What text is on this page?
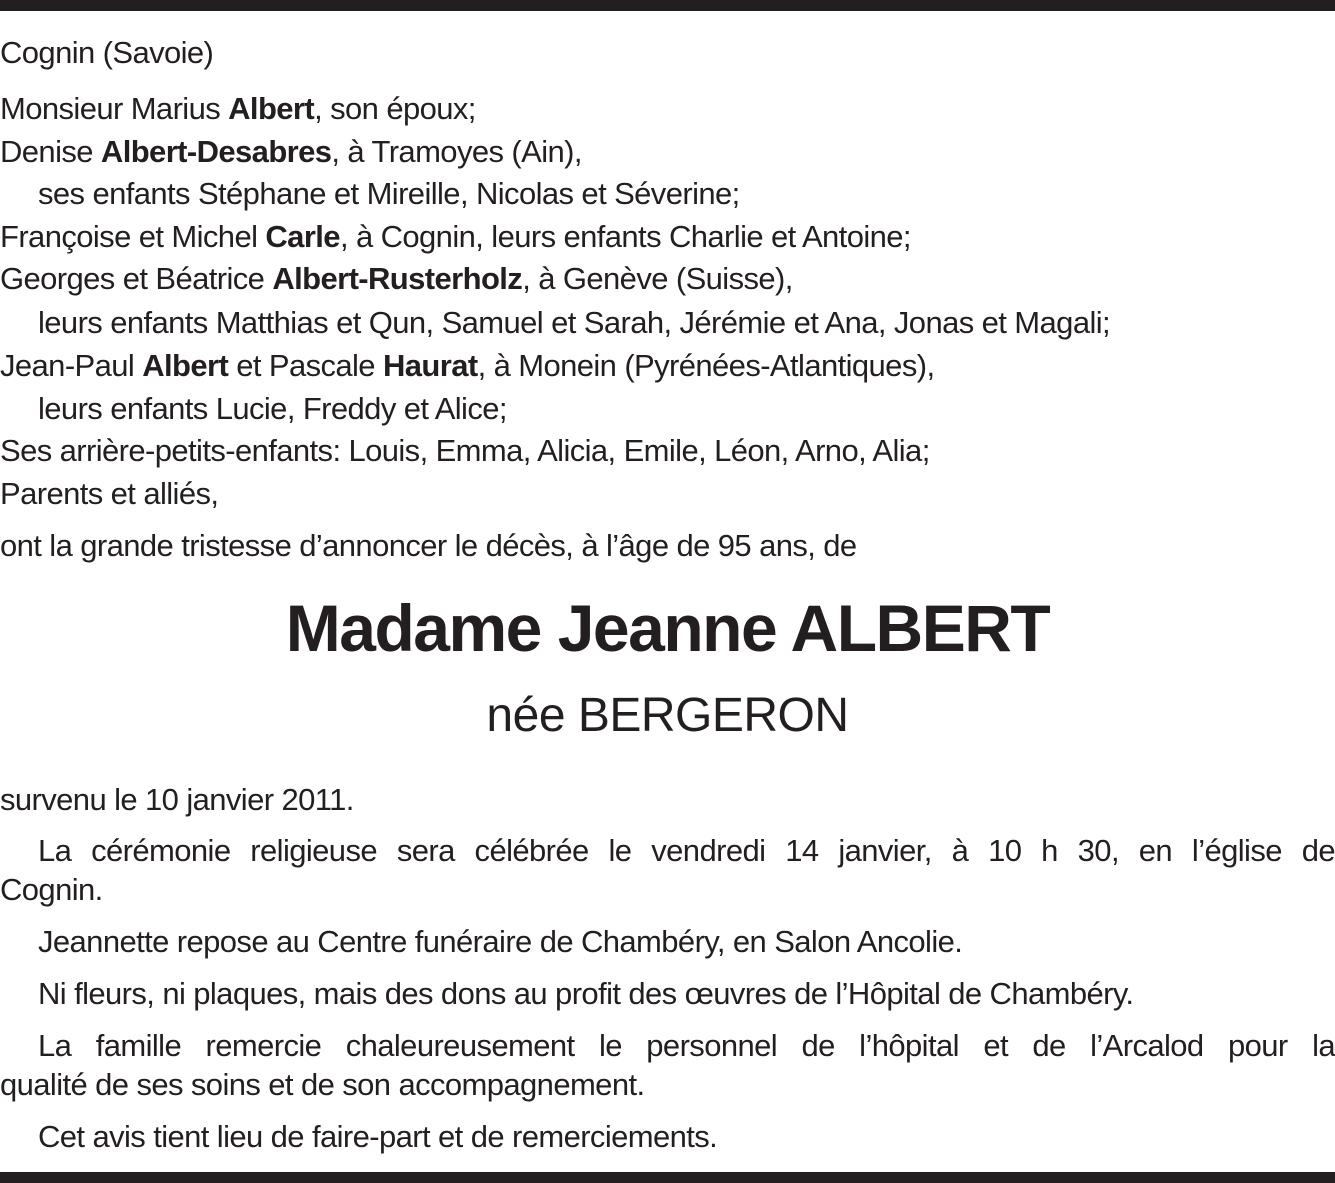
Cognin (Savoie)
Monsieur Marius Albert, son époux;
Denise Albert-Desabres, à Tramoyes (Ain),
ses enfants Stéphane et Mireille, Nicolas et Séverine;
Françoise et Michel Carle, à Cognin, leurs enfants Charlie et Antoine;
Georges et Béatrice Albert-Rusterholz, à Genève (Suisse),
leurs enfants Matthias et Qun, Samuel et Sarah, Jérémie et Ana, Jonas et Magali;
Jean-Paul Albert et Pascale Haurat, à Monein (Pyrénées-Atlantiques),
leurs enfants Lucie, Freddy et Alice;
Ses arrière-petits-enfants: Louis, Emma, Alicia, Emile, Léon, Arno, Alia;
Parents et alliés,
ont la grande tristesse d’annoncer le décès, à l’âge de 95 ans, de
Madame Jeanne ALBERT
née BERGERON
survenu le 10 janvier 2011.
La cérémonie religieuse sera célébrée le vendredi 14 janvier, à 10 h 30, en l’église de
Cognin.
Jeannette repose au Centre funéraire de Chambéry, en Salon Ancolie.
Ni fleurs, ni plaques, mais des dons au profit des œuvres de l’Hôpital de Chambéry.
La famille remercie chaleureusement le personnel de l’hôpital et de l’Arcalod pour la
qualité de ses soins et de son accompagnement.
Cet avis tient lieu de faire-part et de remerciements.
